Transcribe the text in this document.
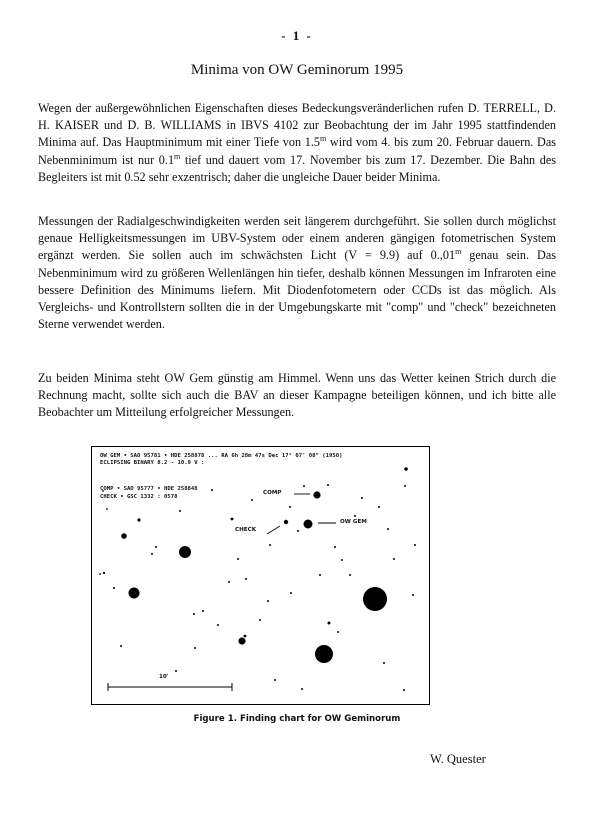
- 1 -
Minima von OW Geminorum 1995

Wegen der außergewöhnlichen Eigenschaften dieses Bedeckungsveränderlichen rufen D. TERRELL, D. H. KAISER und D. B. WILLIAMS in IBVS 4102 zur Beobachtung der im Jahr 1995 stattfindenden Minima auf. Das Hauptminimum mit einer Tiefe von 1.5$^m$ wird vom 4. bis zum 20. Februar dauern. Das Nebenminimum ist nur 0.1$^m$ tief und dauert vom 17. November bis zum 17. Dezember. Die Bahn des Begleiters ist mit 0.52 sehr exzentrisch; daher die ungleiche Dauer beider Minima.

Messungen der Radialgeschwindigkeiten werden seit längerem durchgeführt. Sie sollen durch möglichst genaue Helligkeitsmessungen im UBV-System oder einem anderen gängigen fotometrischen System ergänzt werden. Sie sollen auch im schwächsten Licht (V = 9.9) auf 0.,01$^m$ genau sein. Das Nebenminimum wird zu größeren Wellenlängen hin tiefer, deshalb können Messungen im Infraroten eine bessere Definition des Minimums liefern. Mit Diodenfotometern oder CCDs ist das möglich. Als Vergleichs- und Kontrollstern sollten die in der Umgebungskarte mit "comp" und "check" bezeichneten Sterne verwendet werden.

Zu beiden Minima steht OW Gem günstig am Himmel. Wenn uns das Wetter keinen Strich durch die Rechnung macht, sollte sich auch die BAV an dieser Kampagne beteiligen können, und ich bitte alle Beobachter um Mitteilung erfolgreicher Messungen.

OW GEM • SAO 95781 • HDE 258878 ... RA 6h 28m 47s Dec 17° 07' 08" (1950)
ECLIPSING BINARY 8.2 - 10.9 V :
COMP • SAO 95777 • HDE 258848
CHECK • GSC 1332 : 0578
COMP
CHECK
OW GEM
10'
Figure 1. Finding chart for OW Geminorum
W. Quester
